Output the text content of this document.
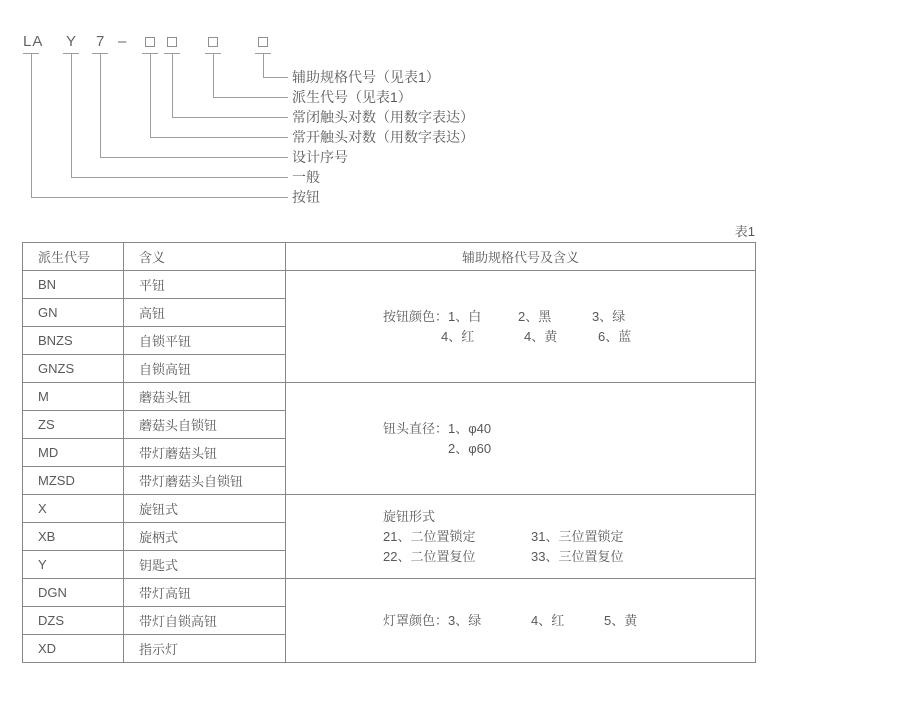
LA Y 7 –
辅助规格代号（见表1）
派生代号（见表1）
常闭触头对数（用数字表达）
常开触头对数（用数字表达）
设计序号
一般
按钮
表1
派生代号	含义	辅助规格代号及含义
BN	平钮	按钮颜色：1、白 2、黑 3、绿
4、红 4、黄 6、蓝

GN	高钮	
BNZS	自锁平钮	
GNZS	自锁高钮	
M	蘑菇头钮	钮头直径：1、φ40
2、φ60

ZS	蘑菇头自锁钮	
MD	带灯蘑菇头钮	
MZSD	带灯蘑菇头自锁钮	
X	旋钮式	旋钮形式
21、二位置锁定 31、三位置锁定
22、二位置复位 33、三位置复位

XB	旋柄式	
Y	钥匙式	
DGN	带灯高钮	灯罩颜色：3、绿 4、红 5、黄

DZS	带灯自锁高钮	
XD	指示灯	
